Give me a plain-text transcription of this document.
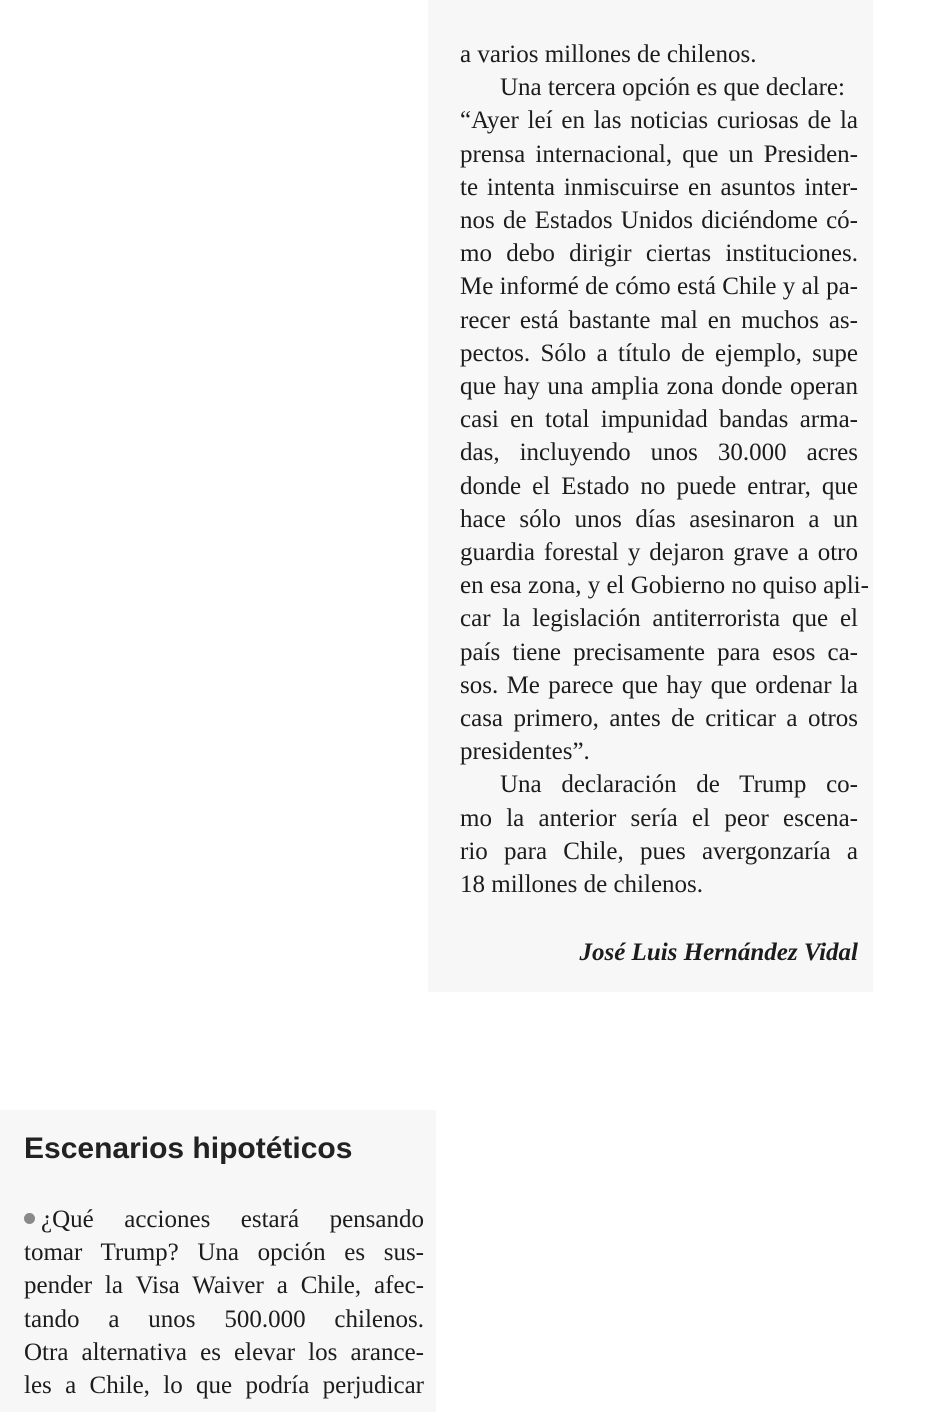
a varios millones de chilenos.
Una tercera opción es que declare:
“Ayer leí en las noticias curiosas de la
prensa internacional, que un Presiden-
te intenta inmiscuirse en asuntos inter-
nos de Estados Unidos diciéndome có-
mo debo dirigir ciertas instituciones.
Me informé de cómo está Chile y al pa-
recer está bastante mal en muchos as-
pectos. Sólo a título de ejemplo, supe
que hay una amplia zona donde operan
casi en total impunidad bandas arma-
das, incluyendo unos 30.000 acres
donde el Estado no puede entrar, que
hace sólo unos días asesinaron a un
guardia forestal y dejaron grave a otro
en esa zona, y el Gobierno no quiso apli-
car la legislación antiterrorista que el
país tiene precisamente para esos ca-
sos. Me parece que hay que ordenar la
casa primero, antes de criticar a otros
presidentes”.
Una declaración de Trump co-
mo la anterior sería el peor escena-
rio para Chile, pues avergonzaría a
18 millones de chilenos.
José Luis Hernández Vidal
Escenarios hipotéticos
¿Qué acciones estará pensando
tomar Trump? Una opción es sus-
pender la Visa Waiver a Chile, afec-
tando a unos 500.000 chilenos.
Otra alternativa es elevar los arance-
les a Chile, lo que podría perjudicar
